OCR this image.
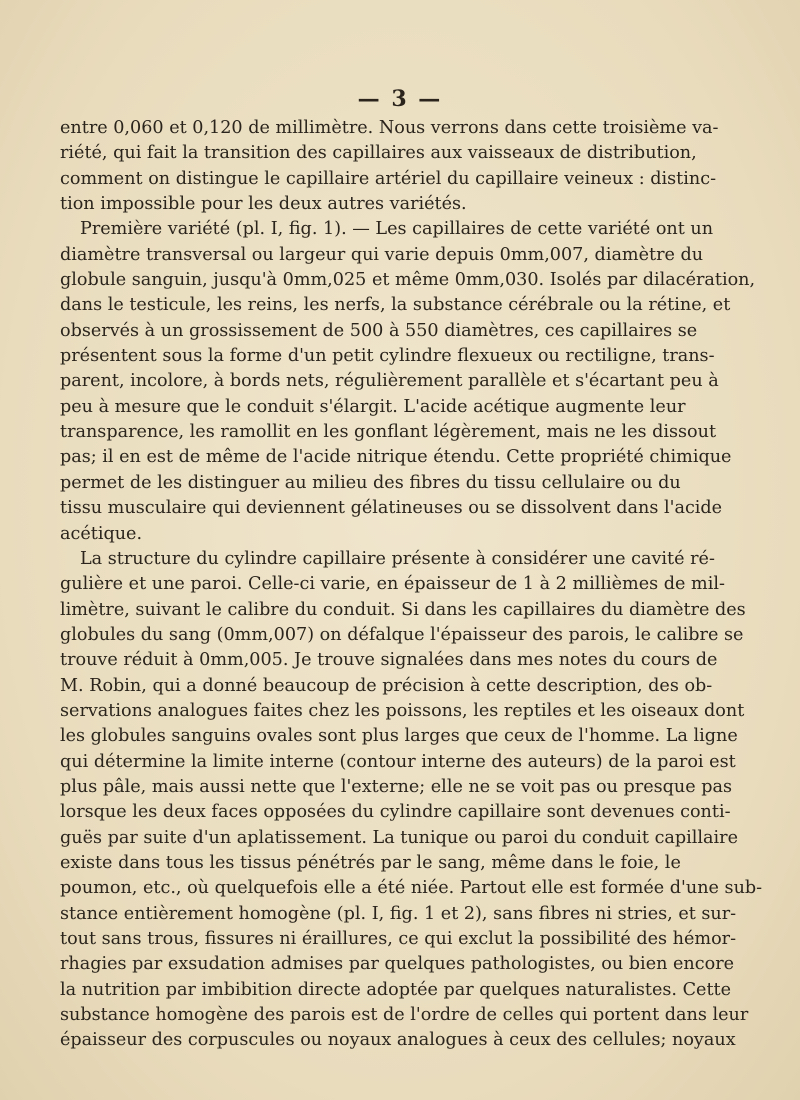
— 3 —
entre 0,060 et 0,120 de millimètre. Nous verrons dans cette troisième va-
riété, qui fait la transition des capillaires aux vaisseaux de distribution,
comment on distingue le capillaire artériel du capillaire veineux : distinc-
tion impossible pour les deux autres variétés.
Première variété (pl. I, fig. 1). — Les capillaires de cette variété ont un
diamètre transversal ou largeur qui varie depuis 0mm,007, diamètre du
globule sanguin, jusqu'à 0mm,025 et même 0mm,030. Isolés par dilacération,
dans le testicule, les reins, les nerfs, la substance cérébrale ou la rétine, et
observés à un grossissement de 500 à 550 diamètres, ces capillaires se
présentent sous la forme d'un petit cylindre flexueux ou rectiligne, trans-
parent, incolore, à bords nets, régulièrement parallèle et s'écartant peu à
peu à mesure que le conduit s'élargit. L'acide acétique augmente leur
transparence, les ramollit en les gonflant légèrement, mais ne les dissout
pas; il en est de même de l'acide nitrique étendu. Cette propriété chimique
permet de les distinguer au milieu des fibres du tissu cellulaire ou du
tissu musculaire qui deviennent gélatineuses ou se dissolvent dans l'acide
acétique.
La structure du cylindre capillaire présente à considérer une cavité ré-
gulière et une paroi. Celle-ci varie, en épaisseur de 1 à 2 millièmes de mil-
limètre, suivant le calibre du conduit. Si dans les capillaires du diamètre des
globules du sang (0mm,007) on défalque l'épaisseur des parois, le calibre se
trouve réduit à 0mm,005. Je trouve signalées dans mes notes du cours de
M. Robin, qui a donné beaucoup de précision à cette description, des ob-
servations analogues faites chez les poissons, les reptiles et les oiseaux dont
les globules sanguins ovales sont plus larges que ceux de l'homme. La ligne
qui détermine la limite interne (contour interne des auteurs) de la paroi est
plus pâle, mais aussi nette que l'externe; elle ne se voit pas ou presque pas
lorsque les deux faces opposées du cylindre capillaire sont devenues conti-
guës par suite d'un aplatissement. La tunique ou paroi du conduit capillaire
existe dans tous les tissus pénétrés par le sang, même dans le foie, le
poumon, etc., où quelquefois elle a été niée. Partout elle est formée d'une sub-
stance entièrement homogène (pl. I, fig. 1 et 2), sans fibres ni stries, et sur-
tout sans trous, fissures ni éraillures, ce qui exclut la possibilité des hémor-
rhagies par exsudation admises par quelques pathologistes, ou bien encore
la nutrition par imbibition directe adoptée par quelques naturalistes. Cette
substance homogène des parois est de l'ordre de celles qui portent dans leur
épaisseur des corpuscules ou noyaux analogues à ceux des cellules; noyaux
